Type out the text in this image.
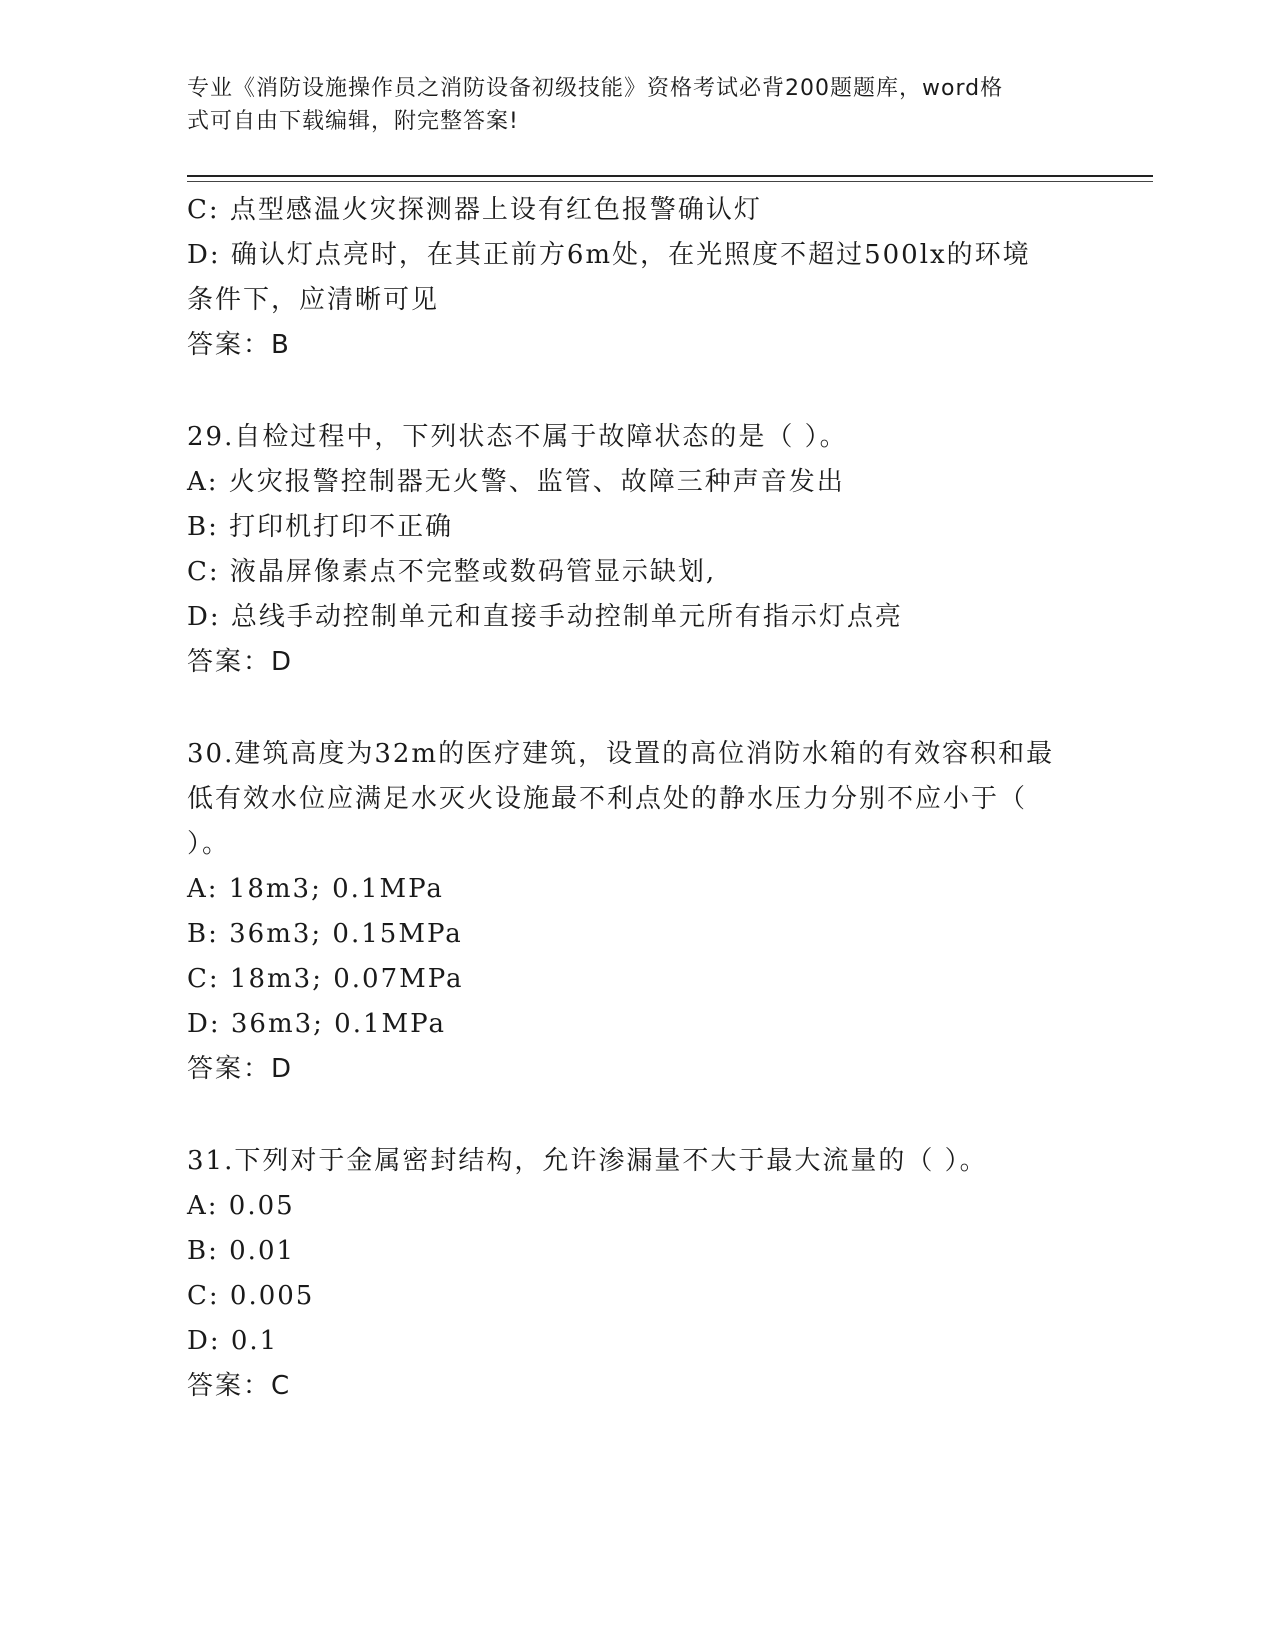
专业《消防设施操作员之消防设备初级技能》资格考试必背200题题库，word格
式可自由下载编辑，附完整答案!

C: 点型感温火灾探测器上设有红色报警确认灯

D: 确认灯点亮时，在其正前方6m处，在光照度不超过500lx的环境

条件下，应清晰可见

答案：B

29.自检过程中，下列状态不属于故障状态的是（ ）。

A: 火灾报警控制器无火警、监管、故障三种声音发出

B: 打印机打印不正确

C: 液晶屏像素点不完整或数码管显示缺划,

D: 总线手动控制单元和直接手动控制单元所有指示灯点亮

答案：D

30.建筑高度为32m的医疗建筑，设置的高位消防水箱的有效容积和最

低有效水位应满足水灭火设施最不利点处的静水压力分别不应小于（

）。

A: 18m3; 0.1MPa

B: 36m3; 0.15MPa

C: 18m3; 0.07MPa

D: 36m3; 0.1MPa

答案：D

31.下列对于金属密封结构，允许渗漏量不大于最大流量的（ ）。

A: 0.05

B: 0.01

C: 0.005

D: 0.1

答案：C
